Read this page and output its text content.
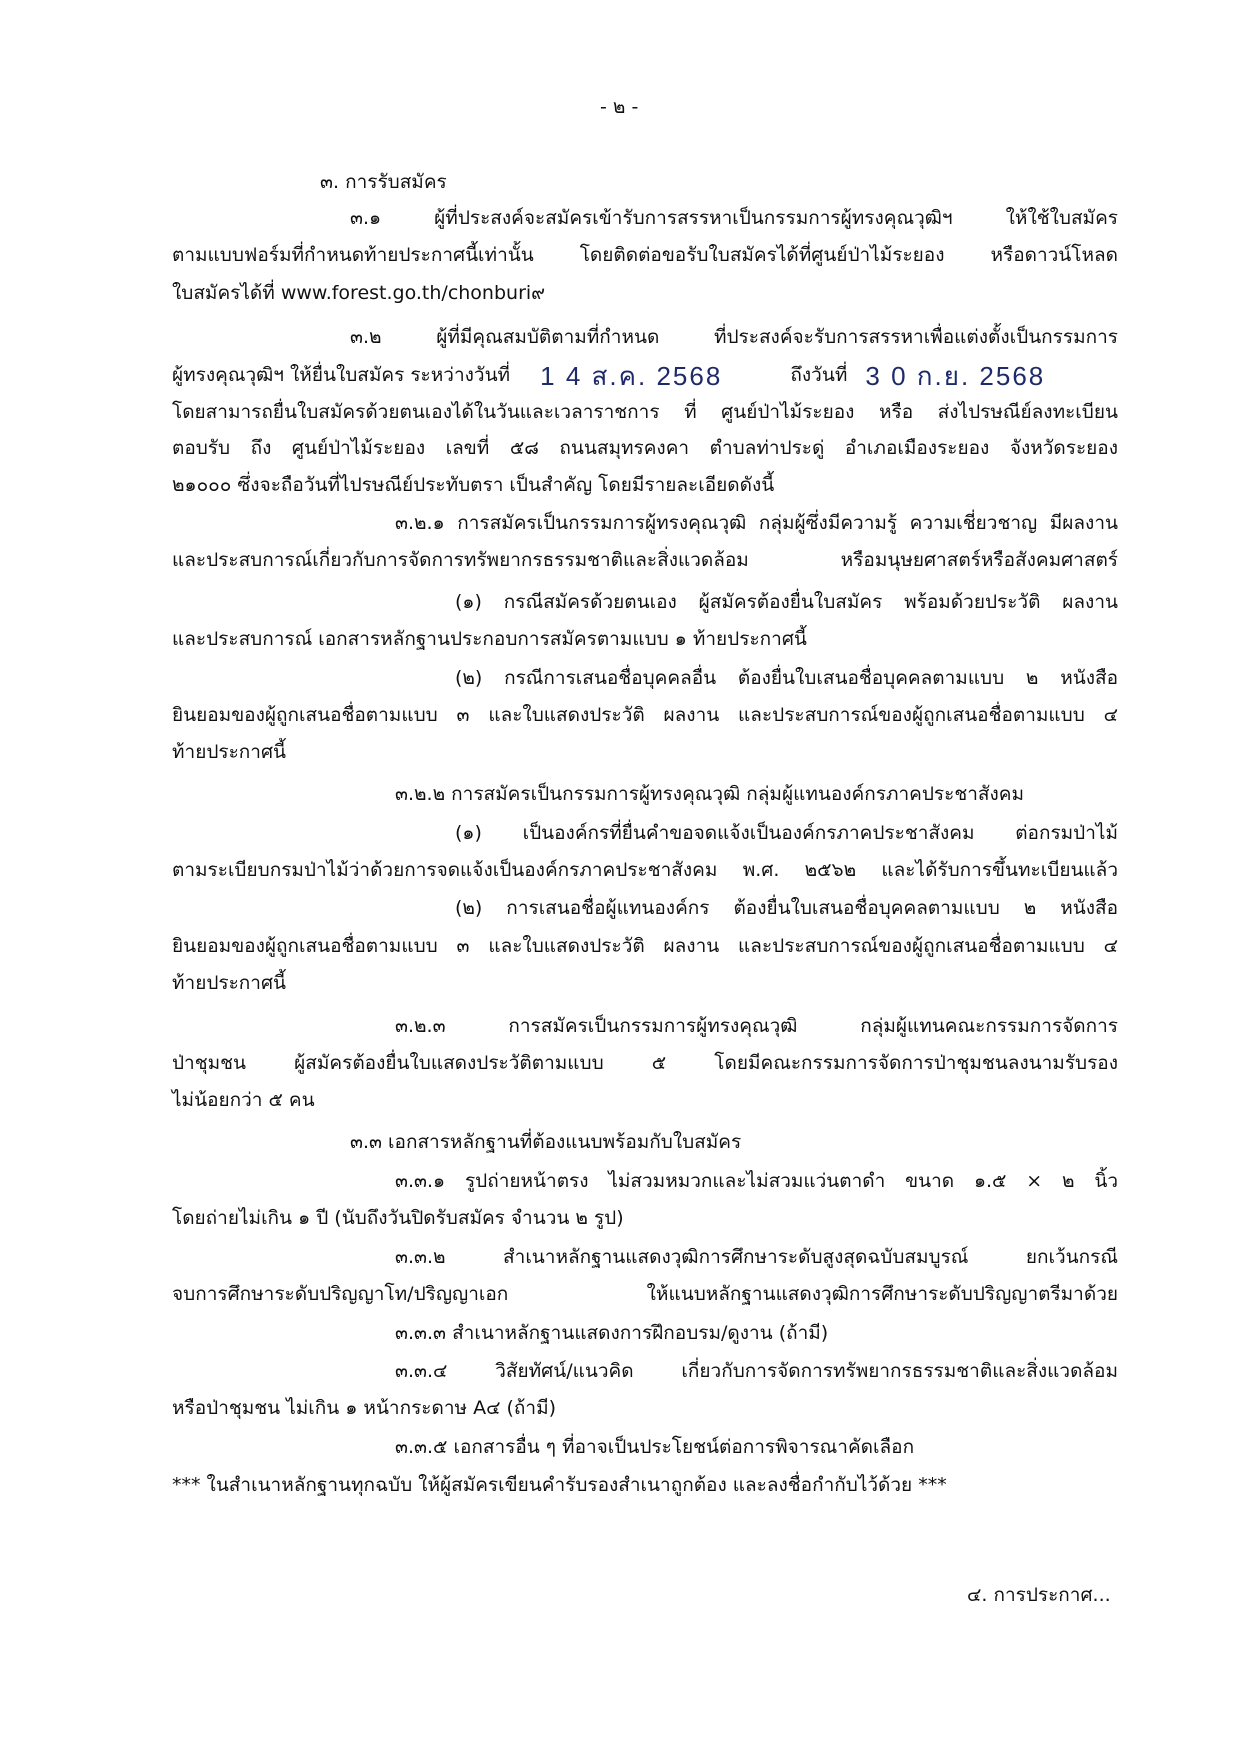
- ๒ -
๓. การรับสมัคร
๓.๑ ผู้ที่ประสงค์จะสมัครเข้ารับการสรรหาเป็นกรรมการผู้ทรงคุณวุฒิฯ ให้ใช้ใบสมัคร
ตามแบบฟอร์มที่กำหนดท้ายประกาศนี้เท่านั้น โดยติดต่อขอรับใบสมัครได้ที่ศูนย์ป่าไม้ระยอง หรือดาวน์โหลด
ใบสมัครได้ที่ www.forest.go.th/chonburi๙
๓.๒ ผู้ที่มีคุณสมบัติตามที่กำหนด ที่ประสงค์จะรับการสรรหาเพื่อแต่งตั้งเป็นกรรมการ
ผู้ทรงคุณวุฒิฯ ให้ยื่นใบสมัคร ระหว่างวันที่ 1 4 ส.ค. 2568	ถึงวันที่ 3 0 ก.ย. 2568
โดยสามารถยื่นใบสมัครด้วยตนเองได้ในวันและเวลาราชการ ที่ ศูนย์ป่าไม้ระยอง หรือ ส่งไปรษณีย์ลงทะเบียน
ตอบรับ ถึง ศูนย์ป่าไม้ระยอง เลขที่ ๕๘ ถนนสมุทรคงคา ตำบลท่าประดู่ อำเภอเมืองระยอง จังหวัดระยอง
๒๑๐๐๐ ซึ่งจะถือวันที่ไปรษณีย์ประทับตรา เป็นสำคัญ โดยมีรายละเอียดดังนี้
๓.๒.๑ การสมัครเป็นกรรมการผู้ทรงคุณวุฒิ กลุ่มผู้ซึ่งมีความรู้ ความเชี่ยวชาญ มีผลงาน
และประสบการณ์เกี่ยวกับการจัดการทรัพยากรธรรมชาติและสิ่งแวดล้อม หรือมนุษยศาสตร์หรือสังคมศาสตร์
(๑) กรณีสมัครด้วยตนเอง ผู้สมัครต้องยื่นใบสมัคร พร้อมด้วยประวัติ ผลงาน
และประสบการณ์ เอกสารหลักฐานประกอบการสมัครตามแบบ ๑ ท้ายประกาศนี้
(๒) กรณีการเสนอชื่อบุคคลอื่น ต้องยื่นใบเสนอชื่อบุคคลตามแบบ ๒ หนังสือ
ยินยอมของผู้ถูกเสนอชื่อตามแบบ ๓ และใบแสดงประวัติ ผลงาน และประสบการณ์ของผู้ถูกเสนอชื่อตามแบบ ๔
ท้ายประกาศนี้
๓.๒.๒ การสมัครเป็นกรรมการผู้ทรงคุณวุฒิ กลุ่มผู้แทนองค์กรภาคประชาสังคม
(๑) เป็นองค์กรที่ยื่นคำขอจดแจ้งเป็นองค์กรภาคประชาสังคม ต่อกรมป่าไม้
ตามระเบียบกรมป่าไม้ว่าด้วยการจดแจ้งเป็นองค์กรภาคประชาสังคม พ.ศ. ๒๕๖๒ และได้รับการขึ้นทะเบียนแล้ว
(๒) การเสนอชื่อผู้แทนองค์กร ต้องยื่นใบเสนอชื่อบุคคลตามแบบ ๒ หนังสือ
ยินยอมของผู้ถูกเสนอชื่อตามแบบ ๓ และใบแสดงประวัติ ผลงาน และประสบการณ์ของผู้ถูกเสนอชื่อตามแบบ ๔
ท้ายประกาศนี้
๓.๒.๓ การสมัครเป็นกรรมการผู้ทรงคุณวุฒิ กลุ่มผู้แทนคณะกรรมการจัดการ
ป่าชุมชน ผู้สมัครต้องยื่นใบแสดงประวัติตามแบบ ๕ โดยมีคณะกรรมการจัดการป่าชุมชนลงนามรับรอง
ไม่น้อยกว่า ๕ คน
๓.๓ เอกสารหลักฐานที่ต้องแนบพร้อมกับใบสมัคร
๓.๓.๑ รูปถ่ายหน้าตรง ไม่สวมหมวกและไม่สวมแว่นตาดำ ขนาด ๑.๕ × ๒ นิ้ว
โดยถ่ายไม่เกิน ๑ ปี (นับถึงวันปิดรับสมัคร จำนวน ๒ รูป)
๓.๓.๒ สำเนาหลักฐานแสดงวุฒิการศึกษาระดับสูงสุดฉบับสมบูรณ์ ยกเว้นกรณี
จบการศึกษาระดับปริญญาโท/ปริญญาเอก ให้แนบหลักฐานแสดงวุฒิการศึกษาระดับปริญญาตรีมาด้วย
๓.๓.๓ สำเนาหลักฐานแสดงการฝึกอบรม/ดูงาน (ถ้ามี)
๓.๓.๔ วิสัยทัศน์/แนวคิด เกี่ยวกับการจัดการทรัพยากรธรรมชาติและสิ่งแวดล้อม
หรือป่าชุมชน ไม่เกิน ๑ หน้ากระดาษ A๔ (ถ้ามี)
๓.๓.๕ เอกสารอื่น ๆ ที่อาจเป็นประโยชน์ต่อการพิจารณาคัดเลือก
*** ในสำเนาหลักฐานทุกฉบับ ให้ผู้สมัครเขียนคำรับรองสำเนาถูกต้อง และลงชื่อกำกับไว้ด้วย ***
๔. การประกาศ...
